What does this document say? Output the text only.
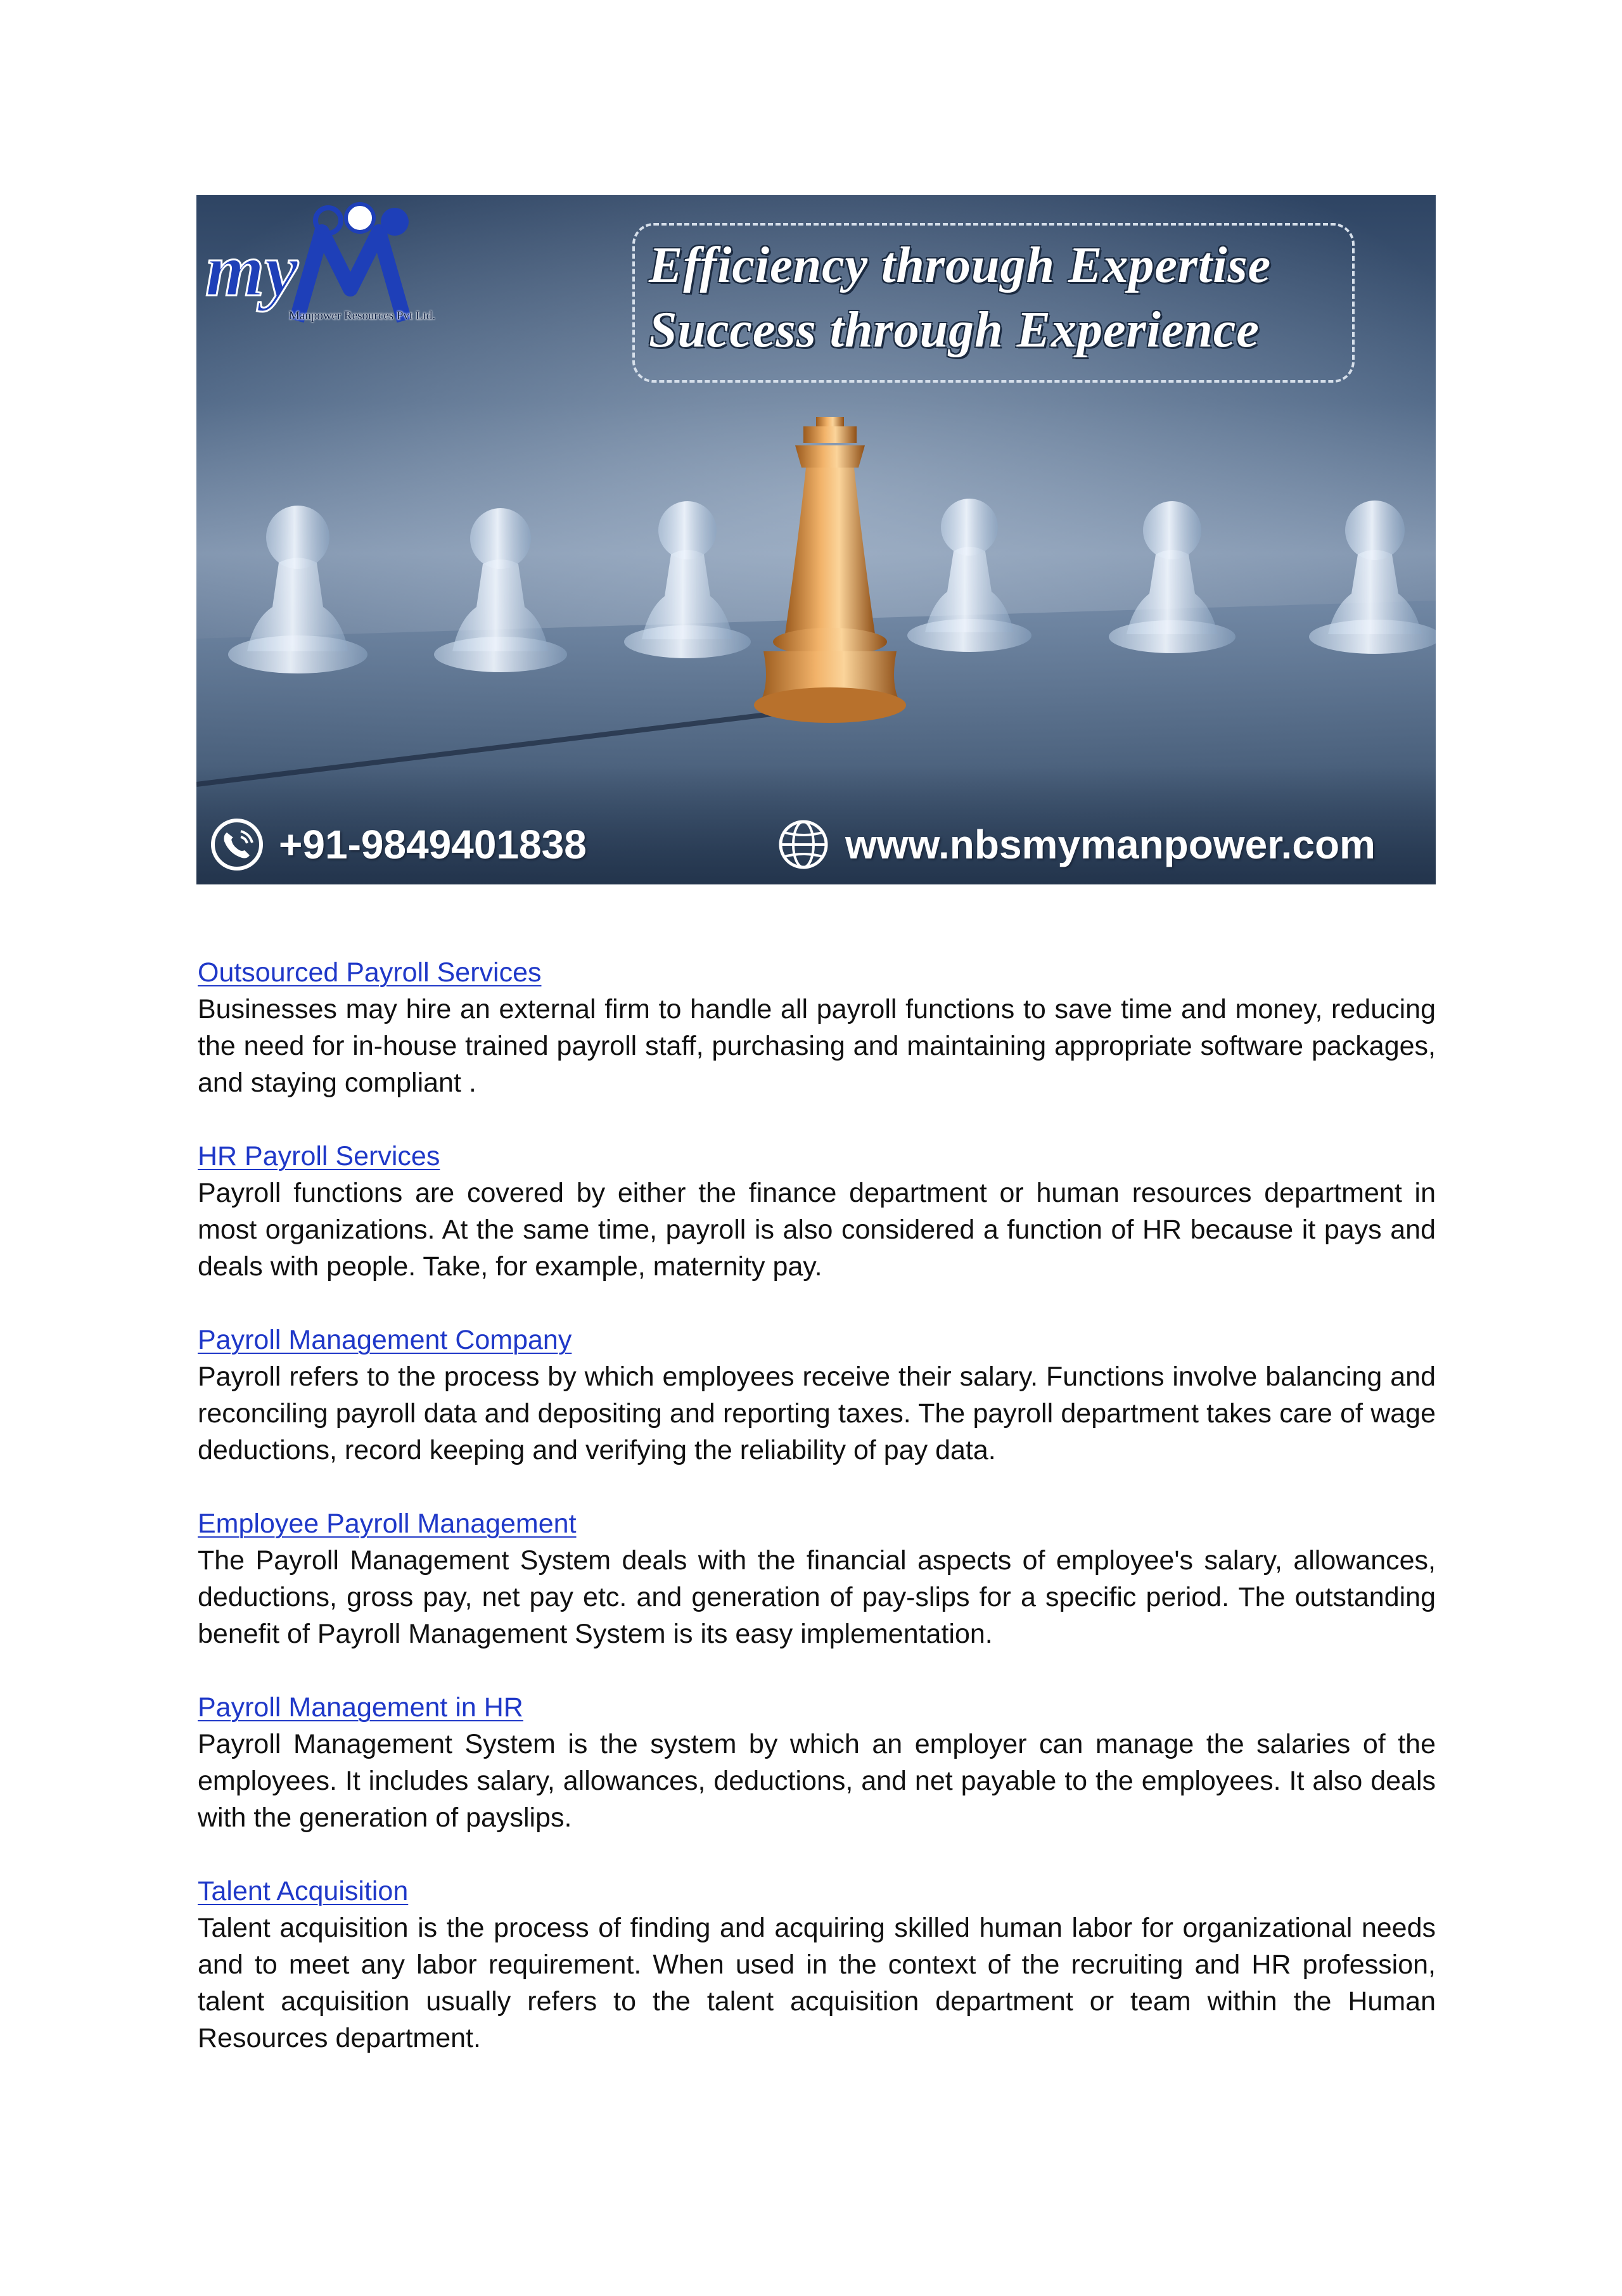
my
Manpower Resources Pvt Ltd.
Efficiency through Expertise
Success through Experience
+91-9849401838	www.nbsmymanpower.com
Outsourced Payroll Services

Businesses may hire an external firm to handle all payroll functions to save time and money, reducing the need for in-house trained payroll staff, purchasing and maintaining appropriate software packages, and staying compliant .

HR Payroll Services

Payroll functions are covered by either the finance department or human resources department in most organizations. At the same time, payroll is also considered a function of HR because it pays and deals with people. Take, for example, maternity pay.

Payroll Management Company

Payroll refers to the process by which employees receive their salary. Functions involve balancing and reconciling payroll data and depositing and reporting taxes. The payroll department takes care of wage deductions, record keeping and verifying the reliability of pay data.

Employee Payroll Management

The Payroll Management System deals with the financial aspects of employee's salary, allowances, deductions, gross pay, net pay etc. and generation of pay-slips for a specific period. The outstanding benefit of Payroll Management System is its easy implementation.

Payroll Management in HR

Payroll Management System is the system by which an employer can manage the salaries of the employees. It includes salary, allowances, deductions, and net payable to the employees. It also deals with the generation of payslips.

Talent Acquisition

Talent acquisition is the process of finding and acquiring skilled human labor for organizational needs and to meet any labor requirement. When used in the context of the recruiting and HR profession, talent acquisition usually refers to the talent acquisition department or team within the Human Resources department.
